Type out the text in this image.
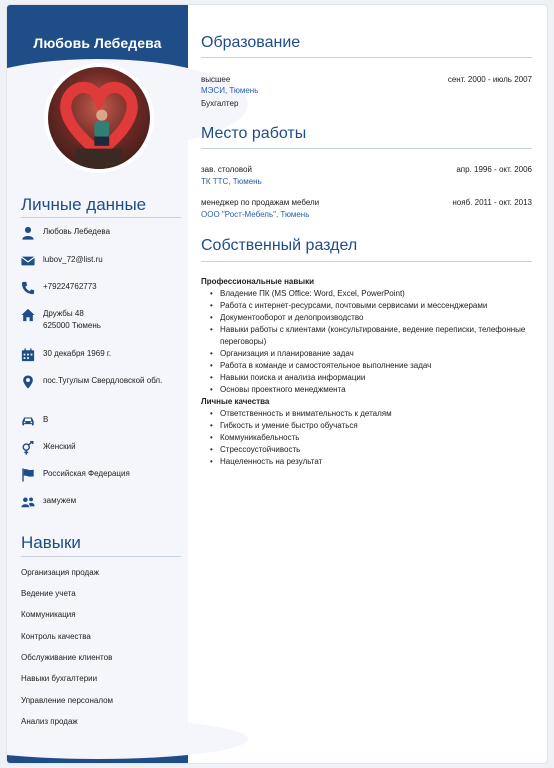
Любовь Лебедева
Личные данные
Любовь Лебедева
lubov_72@list.ru
+79224762773
Дружбы 48
625000 Тюмень
30 декабря 1969 г.
пос.Тугулым Свердловской обл.
B
Женский
Российская Федерация
замужем
Навыки
Организация продаж
Ведение учета
Коммуникация
Контроль качества
Обслуживание клиентов
Навыки бухгалтерии
Управление персоналом
Анализ продаж
Образование
высшее	сент. 2000 - июль 2007
МЭСИ, Тюмень
Бухгалтер
Место работы
зав. столовой	апр. 1996 - окт. 2006
ТК ТТС, Тюмень
менеджер по продажам мебели	нояб. 2011 - окт. 2013
ООО "Рост-Мебель", Тюмень
Собственный раздел
Профессиональные навыки
• Владение ПК (MS Office: Word, Excel, PowerPoint)
• Работа с интернет-ресурсами, почтовыми сервисами и мессенджерами
• Документооборот и делопроизводство
• Навыки работы с клиентами (консультирование, ведение переписки, телефонные переговоры)
• Организация и планирование задач
• Работа в команде и самостоятельное выполнение задач
• Навыки поиска и анализа информации
• Основы проектного менеджмента
Личные качества
• Ответственность и внимательность к деталям
• Гибкость и умение быстро обучаться
• Коммуникабельность
• Стрессоустойчивость
• Нацеленность на результат
